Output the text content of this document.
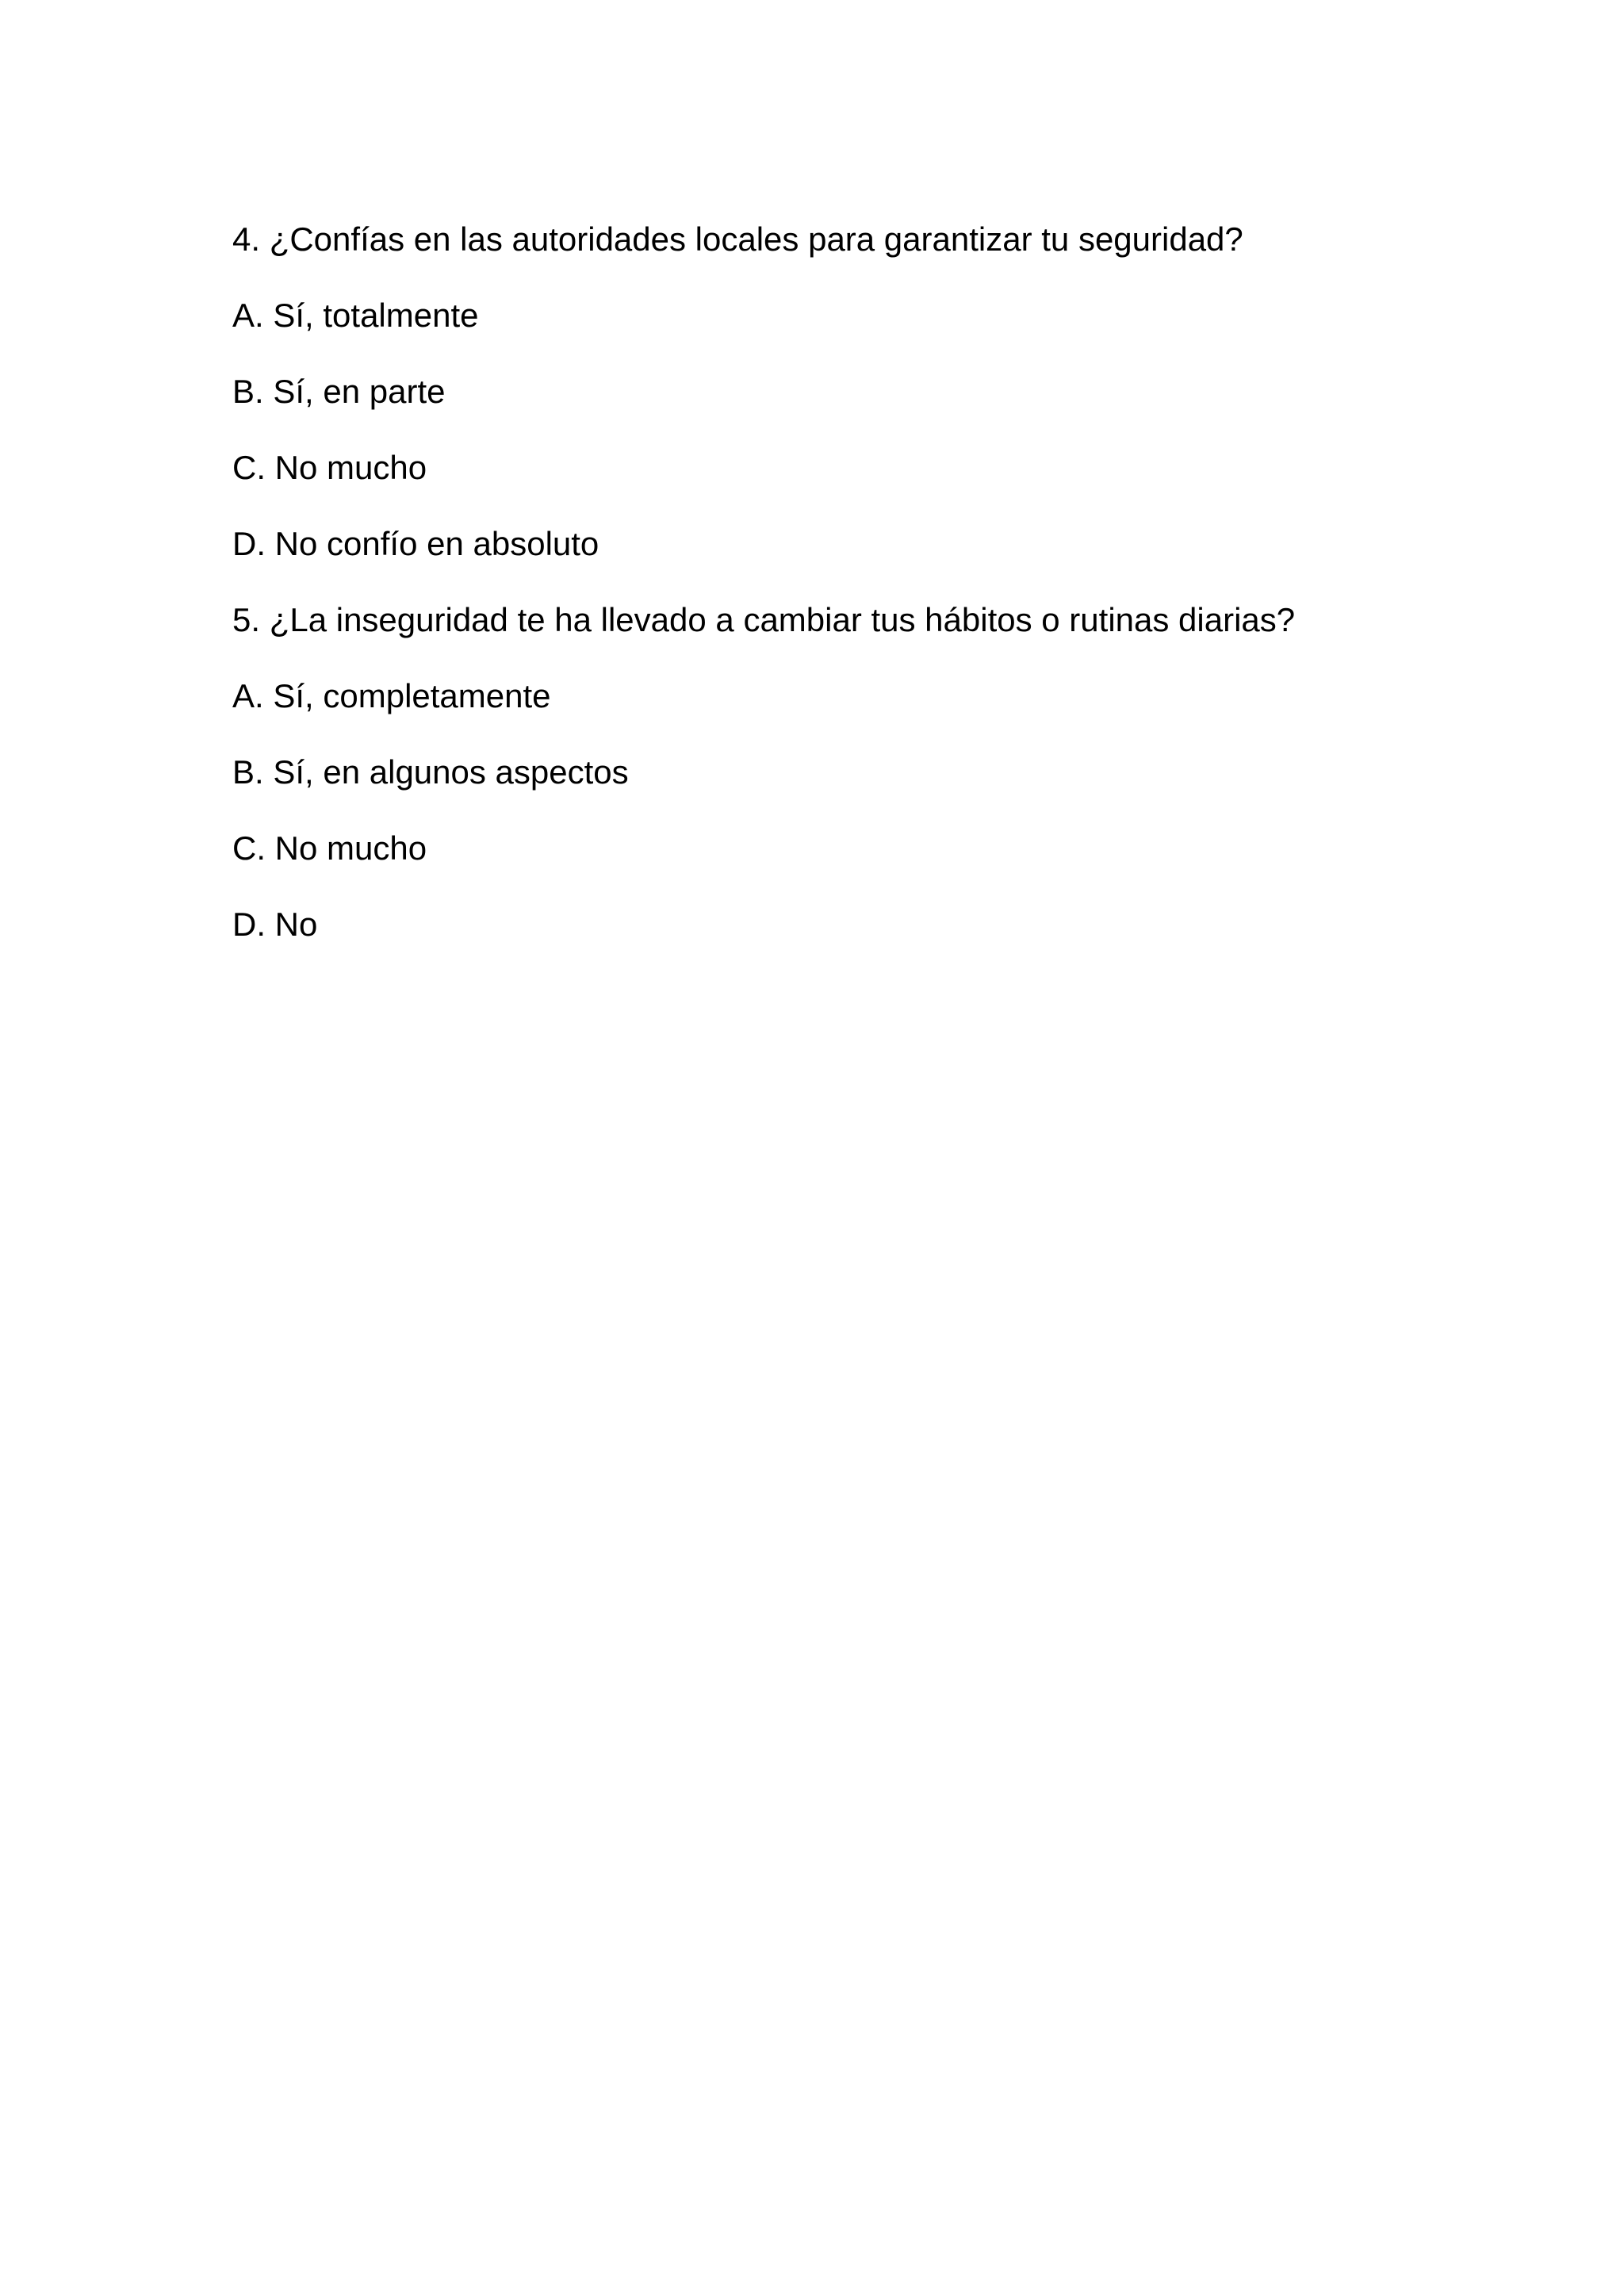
4. ¿Confías en las autoridades locales para garantizar tu seguridad?

A. Sí, totalmente

B. Sí, en parte

C. No mucho

D. No confío en absoluto

5. ¿La inseguridad te ha llevado a cambiar tus hábitos o rutinas diarias?

A. Sí, completamente

B. Sí, en algunos aspectos

C. No mucho

D. No
